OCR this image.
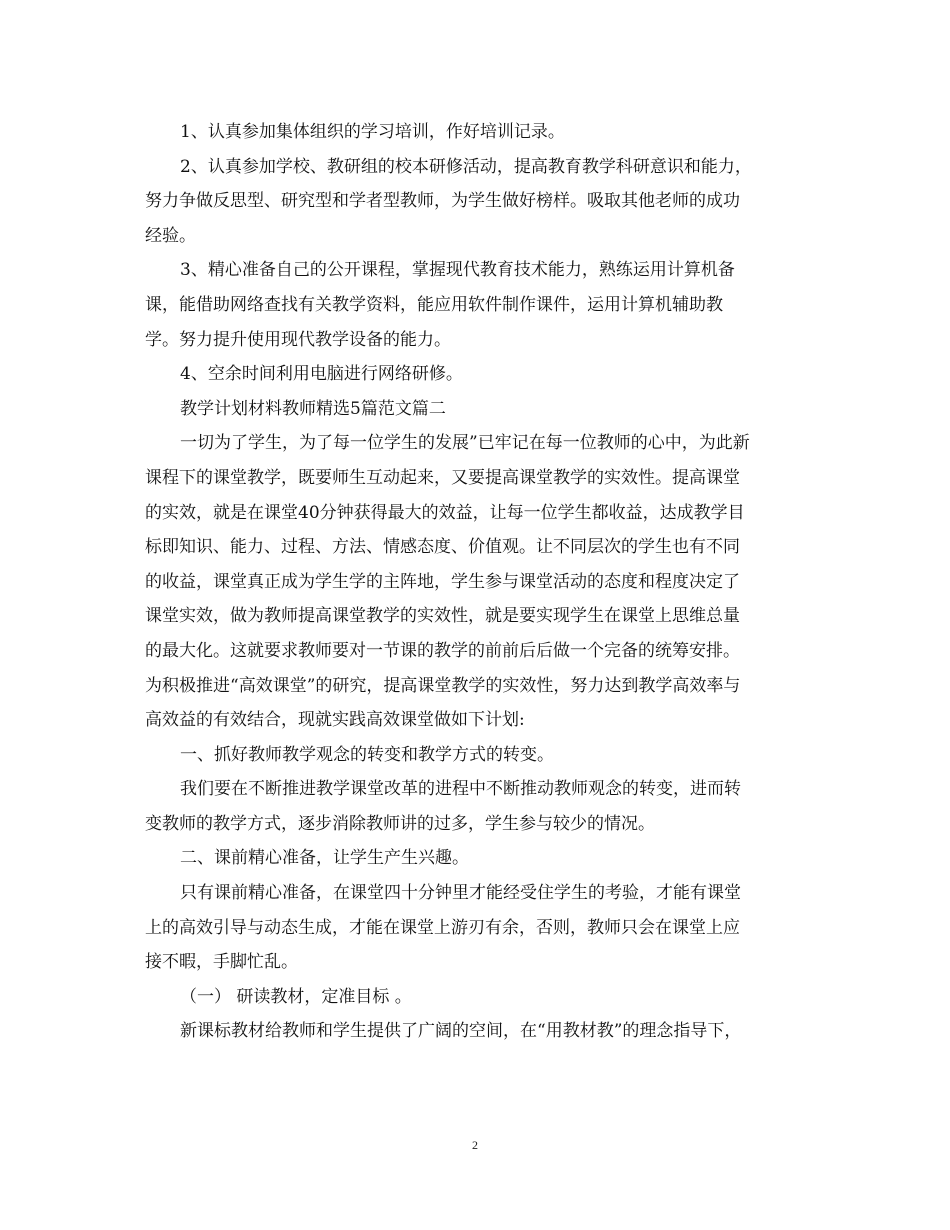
1、认真参加集体组织的学习培训，作好培训记录。
2、认真参加学校、教研组的校本研修活动，提高教育教学科研意识和能力，
努力争做反思型、研究型和学者型教师，为学生做好榜样。吸取其他老师的成功
经验。
3、精心准备自己的公开课程，掌握现代教育技术能力，熟练运用计算机备
课，能借助网络查找有关教学资料，能应用软件制作课件，运用计算机辅助教
学。努力提升使用现代教学设备的能力。
4、空余时间利用电脑进行网络研修。
教学计划材料教师精选5篇范文篇二
一切为了学生，为了每一位学生的发展”已牢记在每一位教师的心中，为此新
课程下的课堂教学，既要师生互动起来，又要提高课堂教学的实效性。提高课堂
的实效，就是在课堂40分钟获得最大的效益，让每一位学生都收益，达成教学目
标即知识、能力、过程、方法、情感态度、价值观。让不同层次的学生也有不同
的收益，课堂真正成为学生学的主阵地，学生参与课堂活动的态度和程度决定了
课堂实效，做为教师提高课堂教学的实效性，就是要实现学生在课堂上思维总量
的最大化。这就要求教师要对一节课的教学的前前后后做一个完备的统筹安排。
为积极推进“高效课堂”的研究，提高课堂教学的实效性，努力达到教学高效率与
高效益的有效结合，现就实践高效课堂做如下计划:
一、抓好教师教学观念的转变和教学方式的转变。
我们要在不断推进教学课堂改革的进程中不断推动教师观念的转变，进而转
变教师的教学方式，逐步消除教师讲的过多，学生参与较少的情况。
二、课前精心准备，让学生产生兴趣。
只有课前精心准备，在课堂四十分钟里才能经受住学生的考验，才能有课堂
上的高效引导与动态生成，才能在课堂上游刃有余，否则，教师只会在课堂上应
接不暇，手脚忙乱。
（一） 研读教材，定准目标 。
新课标教材给教师和学生提供了广阔的空间，在“用教材教”的理念指导下，
2
